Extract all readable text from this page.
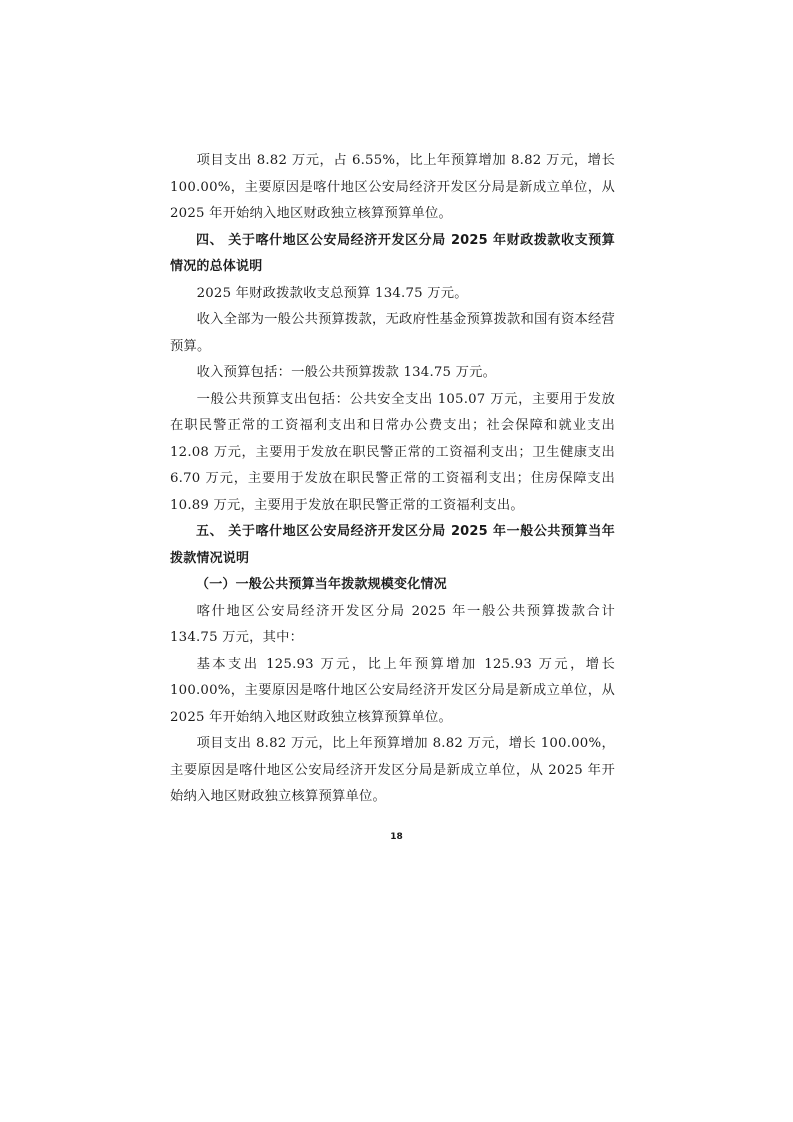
项目支出 8.82 万元，占 6.55%，比上年预算增加 8.82 万元，增长 100.00%，主要原因是喀什地区公安局经济开发区分局是新成立单位，从 2025 年开始纳入地区财政独立核算预算单位。

四、 关于喀什地区公安局经济开发区分局 2025 年财政拨款收支预算情况的总体说明

2025 年财政拨款收支总预算 134.75 万元。

收入全部为一般公共预算拨款，无政府性基金预算拨款和国有资本经营预算。

收入预算包括：一般公共预算拨款 134.75 万元。

一般公共预算支出包括：公共安全支出 105.07 万元，主要用于发放在职民警正常的工资福利支出和日常办公费支出；社会保障和就业支出 12.08 万元，主要用于发放在职民警正常的工资福利支出；卫生健康支出 6.70 万元，主要用于发放在职民警正常的工资福利支出；住房保障支出 10.89 万元，主要用于发放在职民警正常的工资福利支出。

五、 关于喀什地区公安局经济开发区分局 2025 年一般公共预算当年拨款情况说明

（一）一般公共预算当年拨款规模变化情况

喀什地区公安局经济开发区分局 2025 年一般公共预算拨款合计 134.75 万元，其中：

基本支出 125.93 万元，比上年预算增加 125.93 万元，增长 100.00%，主要原因是喀什地区公安局经济开发区分局是新成立单位，从 2025 年开始纳入地区财政独立核算预算单位。

项目支出 8.82 万元，比上年预算增加 8.82 万元，增长 100.00%，主要原因是喀什地区公安局经济开发区分局是新成立单位，从 2025 年开始纳入地区财政独立核算预算单位。

18
